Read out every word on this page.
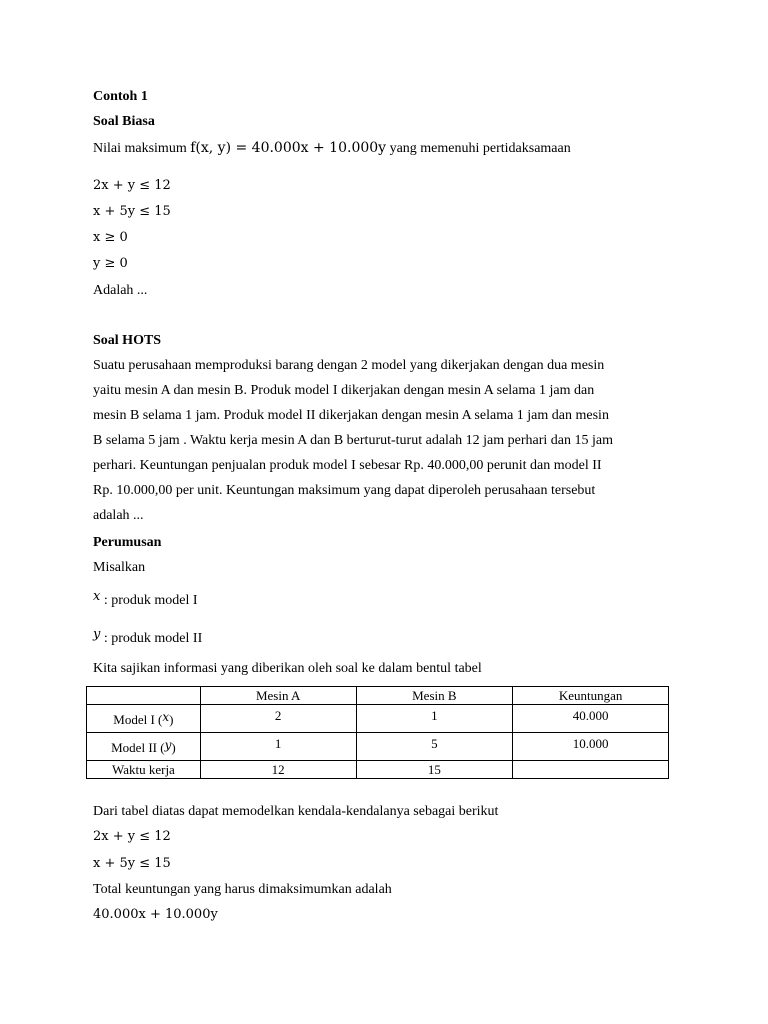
Contoh 1
Soal Biasa
Nilai maksimum f(x, y) = 40.000x + 10.000y yang memenuhi pertidaksamaan
2x + y ≤ 12
x + 5y ≤ 15
x ≥ 0
y ≥ 0
Adalah ...
Soal HOTS
Suatu perusahaan memproduksi barang dengan 2 model yang dikerjakan dengan dua mesin
yaitu mesin A dan mesin B. Produk model I dikerjakan dengan mesin A selama 1 jam dan
mesin B selama 1 jam. Produk model II dikerjakan dengan mesin A selama 1 jam dan mesin
B selama 5 jam . Waktu kerja mesin A dan B berturut-turut adalah 12 jam perhari dan 15 jam
perhari. Keuntungan penjualan produk model I sebesar Rp. 40.000,00 perunit dan model II
Rp. 10.000,00 per unit. Keuntungan maksimum yang dapat diperoleh perusahaan tersebut
adalah ...
Perumusan
Misalkan
x : produk model I
y : produk model II
Kita sajikan informasi yang diberikan oleh soal ke dalam bentul tabel
	Mesin A	Mesin B	Keuntungan
Model I (x)	2	1	40.000
Model II (y)	1	5	10.000
Waktu kerja	12	15	
Dari tabel diatas dapat memodelkan kendala-kendalanya sebagai berikut
2x + y ≤ 12
x + 5y ≤ 15
Total keuntungan yang harus dimaksimumkan adalah
40.000x + 10.000y
